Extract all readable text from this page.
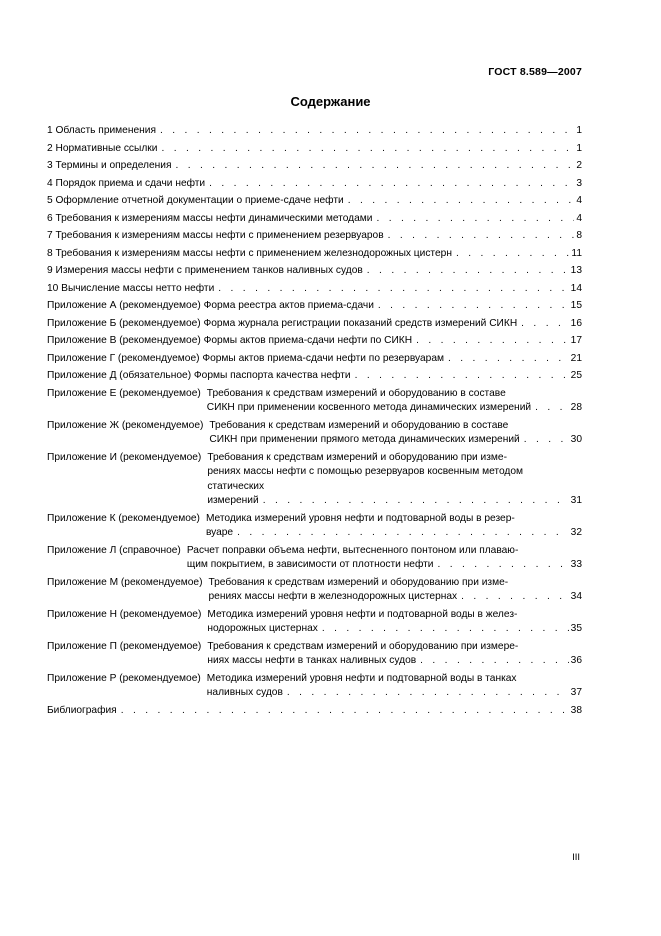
ГОСТ 8.589—2007
Содержание
1 Область применения . . .	1
2 Нормативные ссылки . . .	1
3 Термины и определения . . .	2
4 Порядок приема и сдачи нефти . . .	3
5 Оформление отчетной документации о приеме-сдаче нефти . . .	4
6 Требования к измерениям массы нефти динамическими методами . . .	4
7 Требования к измерениям массы нефти с применением резервуаров . . .	8
8 Требования к измерениям массы нефти с применением железнодорожных цистерн . . .	11
9 Измерения массы нефти с применением танков наливных судов . . .	13
10 Вычисление массы нетто нефти . . .	14
Приложение А (рекомендуемое) Форма реестра актов приема-сдачи . . .	15
Приложение Б (рекомендуемое) Форма журнала регистрации показаний средств измерений СИКН . . .	16
Приложение В (рекомендуемое) Формы актов приема-сдачи нефти по СИКН . . .	17
Приложение Г (рекомендуемое) Формы актов приема-сдачи нефти по резервуарам . . .	21
Приложение Д (обязательное) Формы паспорта качества нефти . . .	25
Приложение Е (рекомендуемое) Требования к средствам измерений и оборудованию в составе
СИКН при применении косвенного метода динамических измерений . . .	28
Приложение Ж (рекомендуемое) Требования к средствам измерений и оборудованию в составе
СИКН при применении прямого метода динамических измерений . . .	30
Приложение И (рекомендуемое) Требования к средствам измерений и оборудованию при изме-
рениях массы нефти с помощью резервуаров косвенным методом статических
измерений . . .	31
Приложение К (рекомендуемое) Методика измерений уровня нефти и подтоварной воды в резер-
вуаре . . .	32
Приложение Л (справочное) Расчет поправки объема нефти, вытесненного понтоном или плаваю-
щим покрытием, в зависимости от плотности нефти . . .	33
Приложение М (рекомендуемое) Требования к средствам измерений и оборудованию при изме-
рениях массы нефти в железнодорожных цистернах . . .	34
Приложение Н (рекомендуемое) Методика измерений уровня нефти и подтоварной воды в желез-
нодорожных цистернах . . .	35
Приложение П (рекомендуемое) Требования к средствам измерений и оборудованию при измере-
ниях массы нефти в танках наливных судов . . .	36
Приложение Р (рекомендуемое) Методика измерений уровня нефти и подтоварной воды в танках
наливных судов . . .	37
Библиография . . .	38
III
